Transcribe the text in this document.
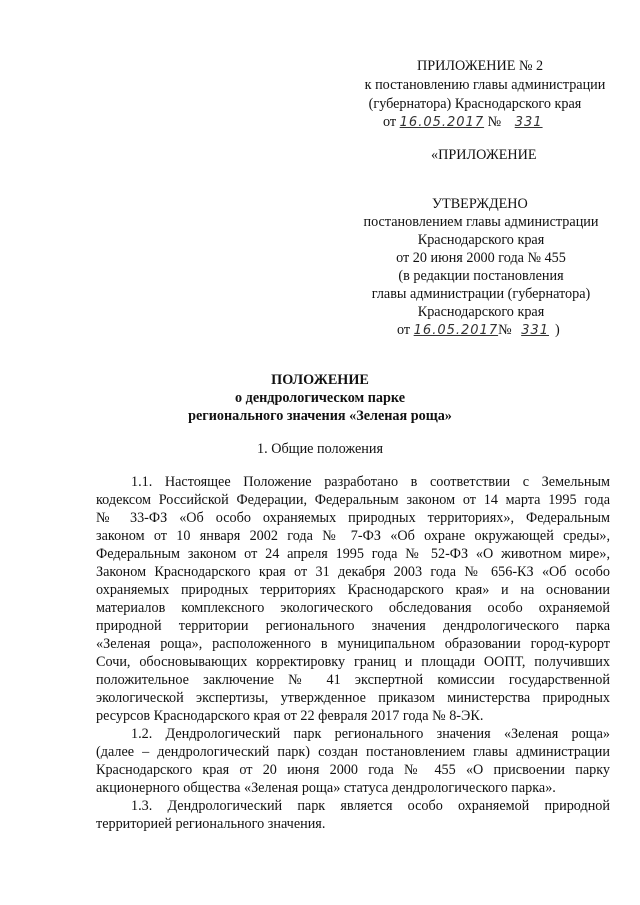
ПРИЛОЖЕНИЕ № 2
к постановлению главы администрации
(губернатора) Краснодарского края
от 16.05.2017 № 331
«ПРИЛОЖЕНИЕ
УТВЕРЖДЕНО
постановлением главы администрации
Краснодарского края
от 20 июня 2000 года № 455
(в редакции постановления
главы администрации (губернатора)
Краснодарского края
от 16.05.2017№ 331 )
ПОЛОЖЕНИЕ
о дендрологическом парке
регионального значения «Зеленая роща»
1. Общие положения
1.1. Настоящее Положение разработано в соответствии с Земельным
кодексом Российской Федерации, Федеральным законом от 14 марта 1995 года
№ 33-ФЗ «Об особо охраняемых природных территориях», Федеральным
законом от 10 января 2002 года № 7-ФЗ «Об охране окружающей среды»,
Федеральным законом от 24 апреля 1995 года № 52-ФЗ «О животном мире»,
Законом Краснодарского края от 31 декабря 2003 года № 656-КЗ «Об особо
охраняемых природных территориях Краснодарского края» и на основании
материалов комплексного экологического обследования особо охраняемой
природной территории регионального значения дендрологического парка
«Зеленая роща», расположенного в муниципальном образовании город-курорт
Сочи, обосновывающих корректировку границ и площади ООПТ, получивших
положительное заключение № 41 экспертной комиссии государственной
экологической экспертизы, утвержденное приказом министерства природных
ресурсов Краснодарского края от 22 февраля 2017 года № 8-ЭК.
1.2. Дендрологический парк регионального значения «Зеленая роща»
(далее – дендрологический парк) создан постановлением главы администрации
Краснодарского края от 20 июня 2000 года № 455 «О присвоении парку
акционерного общества «Зеленая роща» статуса дендрологического парка».
1.3. Дендрологический парк является особо охраняемой природной
территорией регионального значения.
